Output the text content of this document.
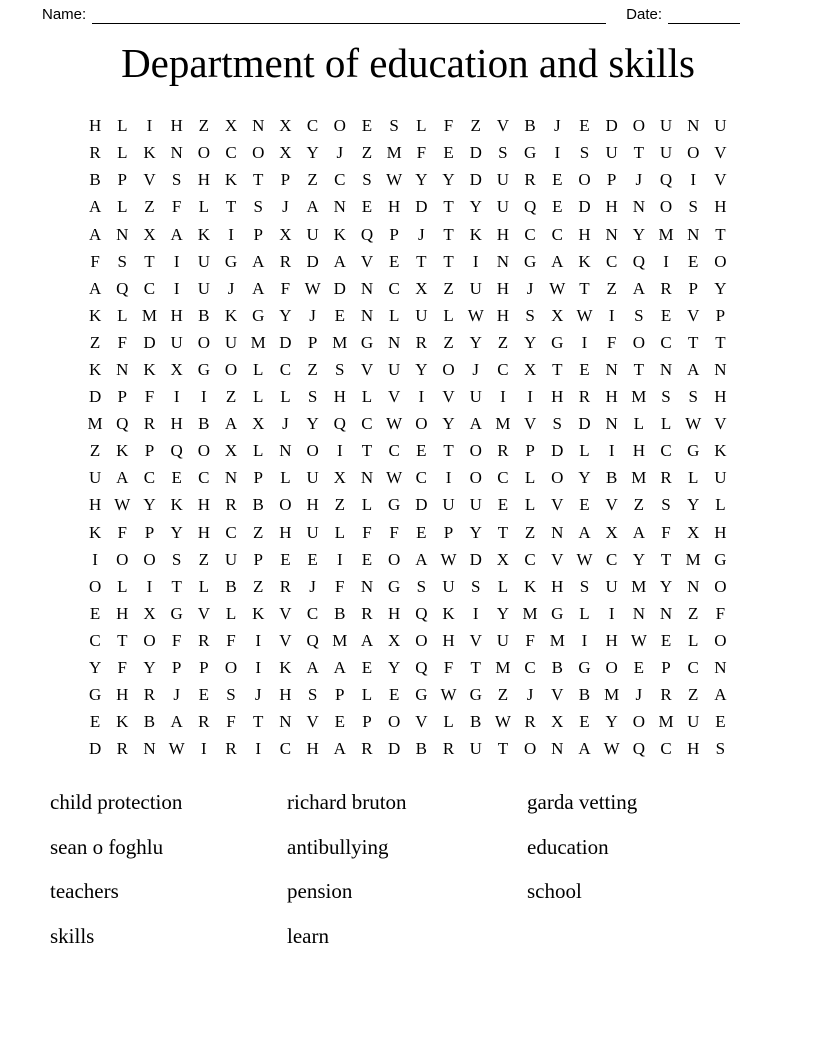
Name:	Date:
Department of education and skills
H L	I	H Z X N X C O E	S	L	F	Z V B	J	E D O U N U
R L K N O C O X Y	J	Z M F	E D S G	I	S U T U O V
B P V S H K T	P	Z C S W Y Y D U R E O P	J	Q	I	V
A L Z	F	L T	S	J	A N E H D T Y U Q E D H N O S H
A N X A K	I	P X U K Q P	J	T K H C C H N Y M N T
F	S	T	I	U G A R D A V E T T	I	N G A K C Q	I	E O
A Q C	I	U	J	A F W D N C X Z U H	J W T Z A R P Y
K L M H B K G Y	J	E N L U L W H S X W I	S	E V P
Z	F D U O U M D P M G N R Z Y Z Y G	I	F O C T T
K N K X G O L C Z	S V U Y O	J	C X T E N T N A N
D P	F	I	I	Z L L	S H L V	I	V U	I	I	H R H M S	S H
M Q R H B A X	J	Y Q C W O Y A M V S D N L L W V
Z K P Q O X L N O	I	T C E T O R P D L	I	H C G K
U A C E C N P	L U X N W C	I	O C L O Y B M R L U
H W Y K H R B O H Z L G D U U E L V E V Z	S Y L
K F	P Y H C Z H U L	F	F	E	P Y T Z N A X A F X H
I	O O S	Z U P	E E	I	E O A W D X C V W C Y T M G
O L	I	T L B Z R	J	F N G S U S	L K H S U M Y N O
E H X G V L K V C B R H Q K	I	Y M G L	I	N N Z	F
C T O F R F	I	V Q M A X O H V U F M I	H W E L O
Y F Y P	P O	I	K A A E Y Q F	T M C B G O E	P C N
G H R	J	E	S	J	H S	P	L E G W G Z	J	V B M J	R Z A
E K B A R F	T N V E	P O V L B W R X E Y O M U E
D R N W I	R	I	C H A R D B R U T O N A W Q C H S
child protection
sean o foghlu
teachers
skills
richard bruton
antibullying
pension
learn
garda vetting
education
school
